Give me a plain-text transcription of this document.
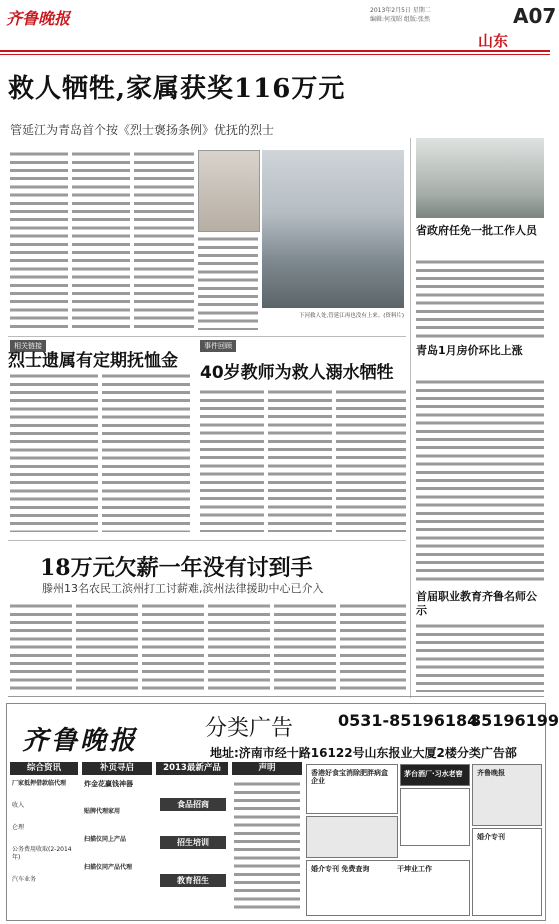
齐鲁晚报	2013年2月5日 星期二
编辑:何茂昭 组版:张然	A07
山东
救人牺牲,家属获奖116万元
管延江为青岛首个按《烈士褒扬条例》优抚的烈士
下河救人处,管延江再也没有上来。(资料片)
省政府任免一批工作人员
青岛1月房价环比上涨
首届职业教育齐鲁名师公示
相关链接
烈士遗属有定期抚恤金
事件回顾
40岁教师为救人溺水牺牲
18万元欠薪一年没有讨到手
滕州13名农民工滨州打工讨薪难,滨州法律援助中心已介入
齐鲁晚报	分类广告	0531-85196184
85196199
地址:济南市经十路16122号山东报业大厦2楼分类广告部
综合资讯	补页寻启	2013最新产品	声明
厂家抵押借款临代理
收入
仑理
公务费用收取(2-2014年)
汽车业务
炸金花赢钱神器
贴牌代理家用
扫描仪同上产品
扫描仪同产品代理
食品招商
招生培训
教育招生
香港好食宝消除肥胖病盒企业
茅台酒厂·习水老窖	齐鲁晚报
婚介专刊
婚介专刊 免费查询	干坤业工作
